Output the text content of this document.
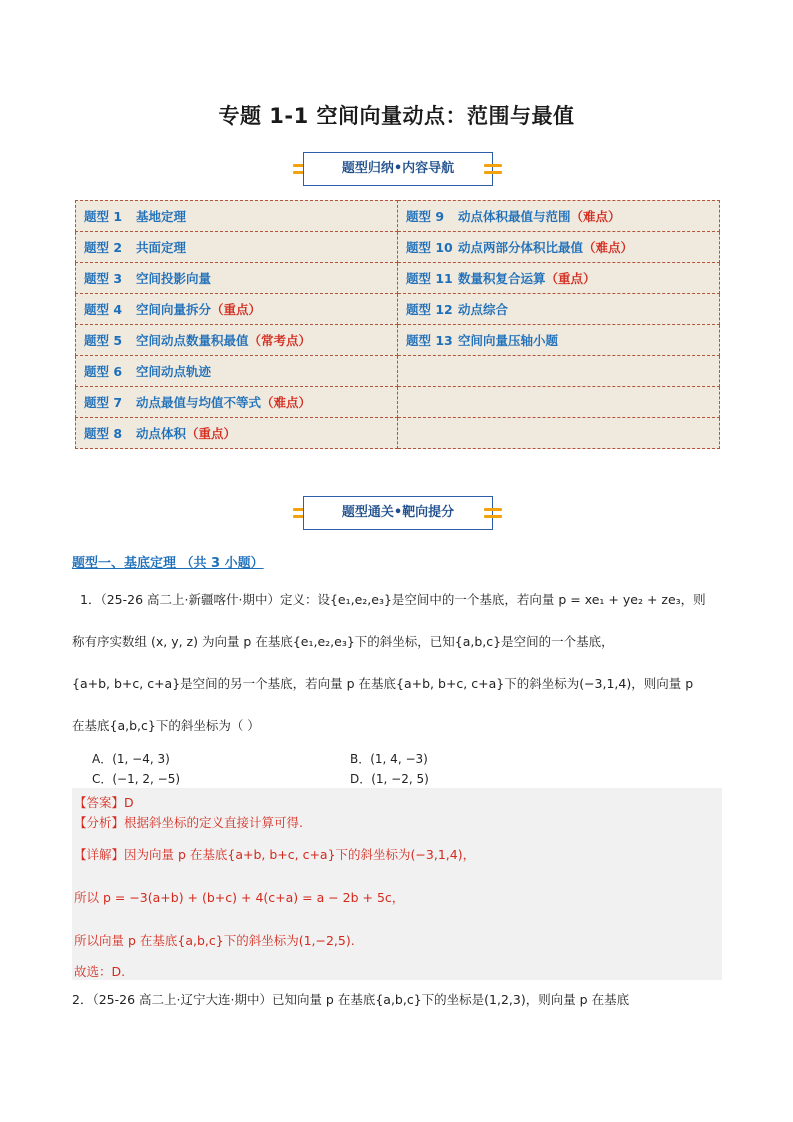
专题 1-1 空间向量动点：范围与最值
题型归纳•内容导航
题型 1 基地定理	题型 9 动点体积最值与范围（难点）
题型 2 共面定理	题型 10 动点两部分体积比最值（难点）
题型 3 空间投影向量	题型 11 数量积复合运算（重点）
题型 4 空间向量拆分（重点）	题型 12 动点综合
题型 5 空间动点数量积最值（常考点）	题型 13 空间向量压轴小题
题型 6 空间动点轨迹	
题型 7 动点最值与均值不等式（难点）	
题型 8 动点体积（重点）	
题型通关•靶向提分
题型一、基底定理 （共 3 小题）
1．（25-26 高二上·新疆喀什·期中）定义：设{e₁,e₂,e₃}是空间中的一个基底，若向量 p = xe₁ + ye₂ + ze₃，则
称有序实数组 (x, y, z) 为向量 p 在基底{e₁,e₂,e₃}下的斜坐标，已知{a,b,c}是空间的一个基底，
{a+b, b+c, c+a}是空间的另一个基底，若向量 p 在基底{a+b, b+c, c+a}下的斜坐标为(−3,1,4)，则向量 p
在基底{a,b,c}下的斜坐标为（ ）
A．(1, −4, 3)	B．(1, 4, −3)
C．(−1, 2, −5)	D．(1, −2, 5)
【答案】D
【分析】根据斜坐标的定义直接计算可得.
【详解】因为向量 p 在基底{a+b, b+c, c+a}下的斜坐标为(−3,1,4)，
所以 p = −3(a+b) + (b+c) + 4(c+a) = a − 2b + 5c，
所以向量 p 在基底{a,b,c}下的斜坐标为(1,−2,5).
故选：D.
2．（25-26 高二上·辽宁大连·期中）已知向量 p 在基底{a,b,c}下的坐标是(1,2,3)，则向量 p 在基底
